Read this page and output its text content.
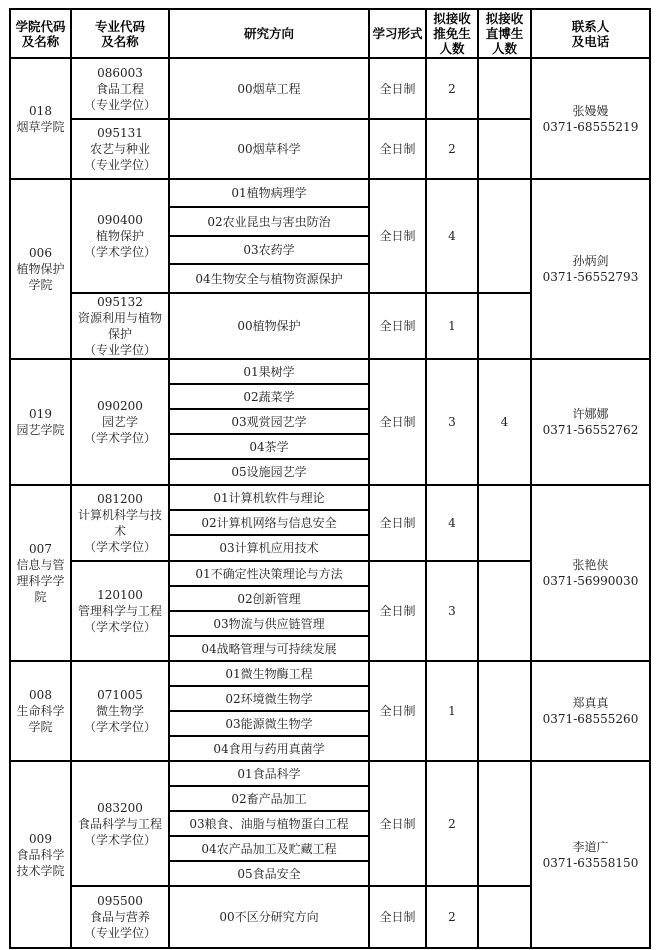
学院代码
及名称	专业代码
及名称	研究方向	学习形式	拟接收
推免生
人数	拟接收
直博生
人数	联系人
及电话

018
烟草学院	086003
食品工程
（专业学位）	00烟草工程	全日制	2		张嫚嫚
0371-68555219

	095131
农艺与种业
（专业学位）	00烟草科学	全日制	2		

006
植物保护
学院	090400
植物保护
（学术学位）	01植物病理学	全日制	4		孙炳剑
0371-56552793

		02农业昆虫与害虫防治				
		03农药学				
		04生物安全与植物资源保护				

	095132
资源利用与植物
保护
（专业学位）	00植物保护	全日制	1		

019
园艺学院	090200
园艺学
（学术学位）	01果树学	全日制	3	4	许娜娜
0371-56552762

		02蔬菜学				
		03观赏园艺学				
		04茶学				
		05设施园艺学				

007
信息与管
理科学学
院	081200
计算机科学与技
术
（学术学位）	01计算机软件与理论	全日制	4		张艳侠
0371-56990030

		02计算机网络与信息安全				
		03计算机应用技术				

	120100
管理科学与工程
（学术学位）	01不确定性决策理论与方法	全日制	3		
		02创新管理				
		03物流与供应链管理				
		04战略管理与可持续发展				

008
生命科学
学院	071005
微生物学
（学术学位）	01微生物酶工程	全日制	1		郑真真
0371-68555260

		02环境微生物学				
		03能源微生物学				
		04食用与药用真菌学				

009
食品科学
技术学院	083200
食品科学与工程
（学术学位）	01食品科学	全日制	2		李道广
0371-63558150

		02畜产品加工				
		03粮食、油脂与植物蛋白工程				
		04农产品加工及贮藏工程				
		05食品安全				

	095500
食品与营养
（专业学位）	00不区分研究方向	全日制	2		
